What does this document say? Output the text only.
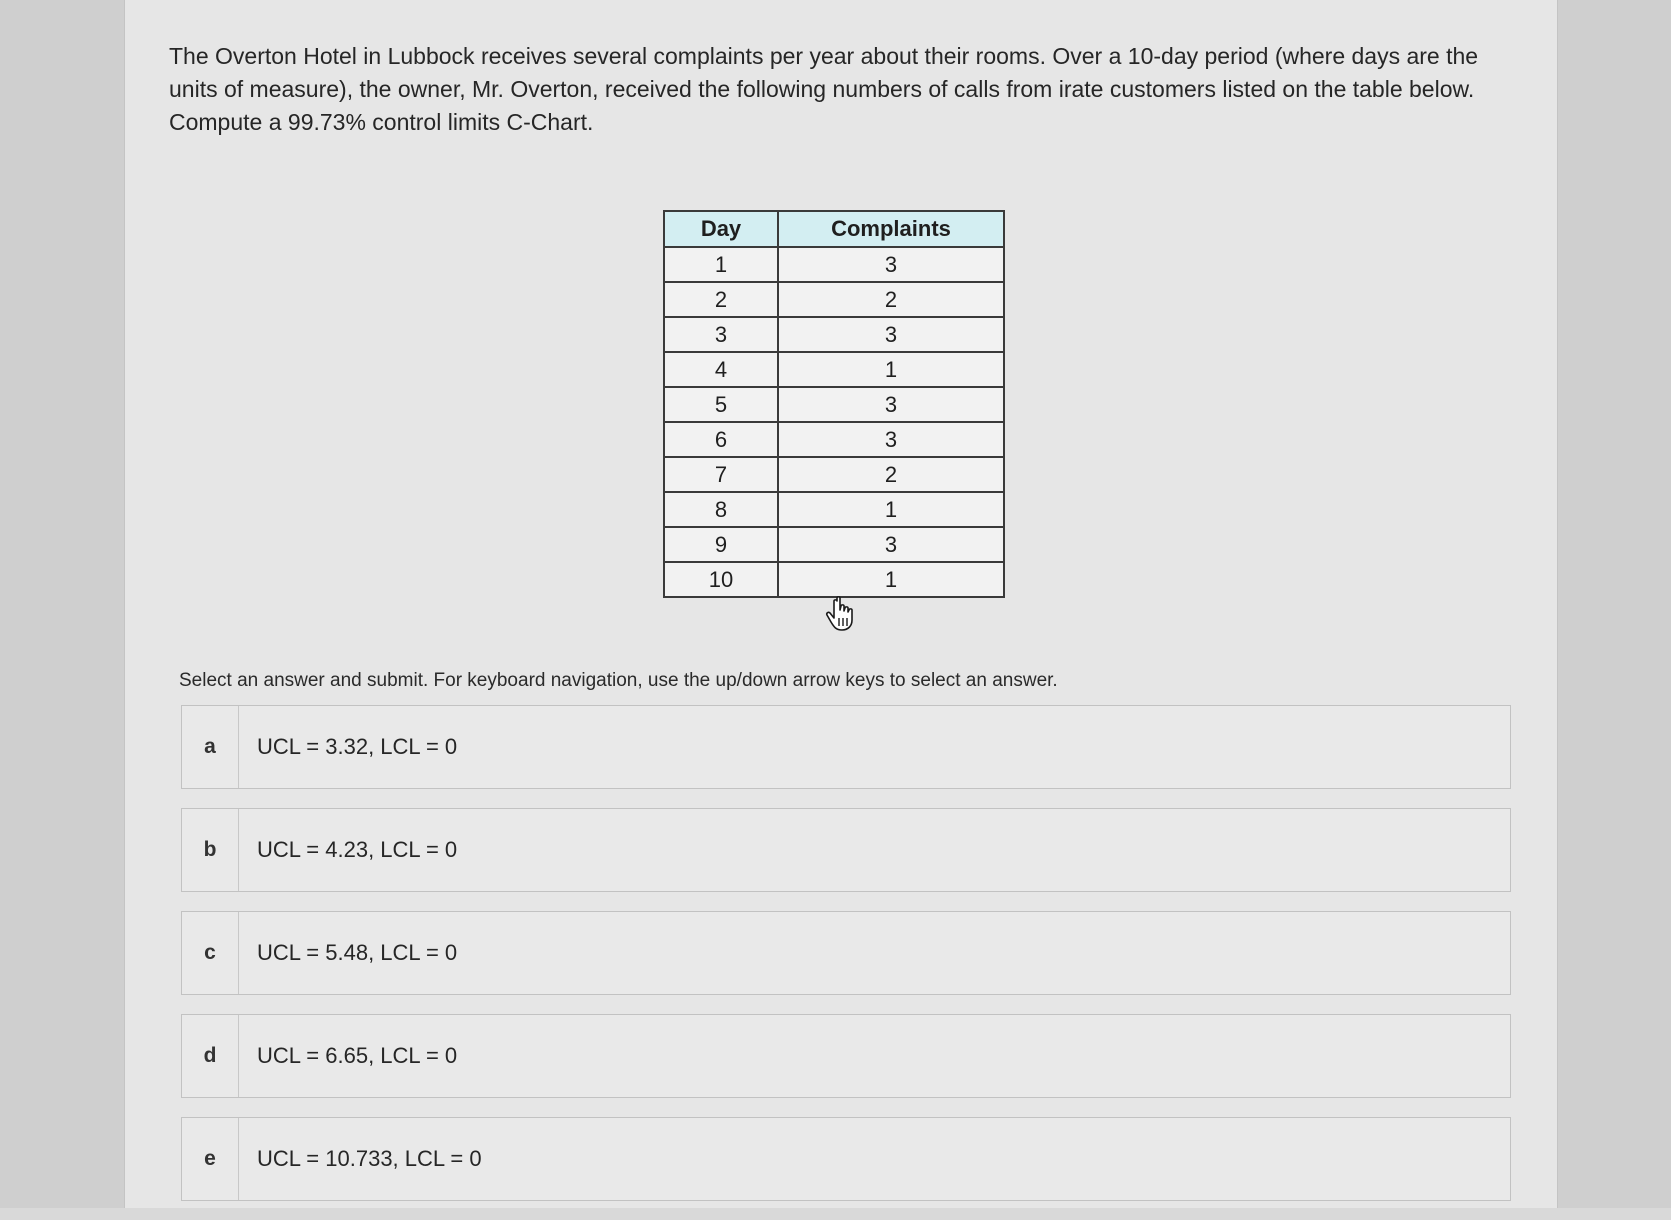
The Overton Hotel in Lubbock receives several complaints per year about their rooms. Over a 10-day period (where days are the units of measure), the owner, Mr. Overton, received the following numbers of calls from irate customers listed on the table below. Compute a 99.73% control limits C-Chart.

Day	Complaints
1	3
2	2
3	3
4	1
5	3
6	3
7	2
8	1
9	3
10	1

Select an answer and submit. For keyboard navigation, use the up/down arrow keys to select an answer.

a	UCL = 3.32, LCL = 0
b	UCL = 4.23, LCL = 0
c	UCL = 5.48, LCL = 0
d	UCL = 6.65, LCL = 0
e	UCL = 10.733, LCL = 0
